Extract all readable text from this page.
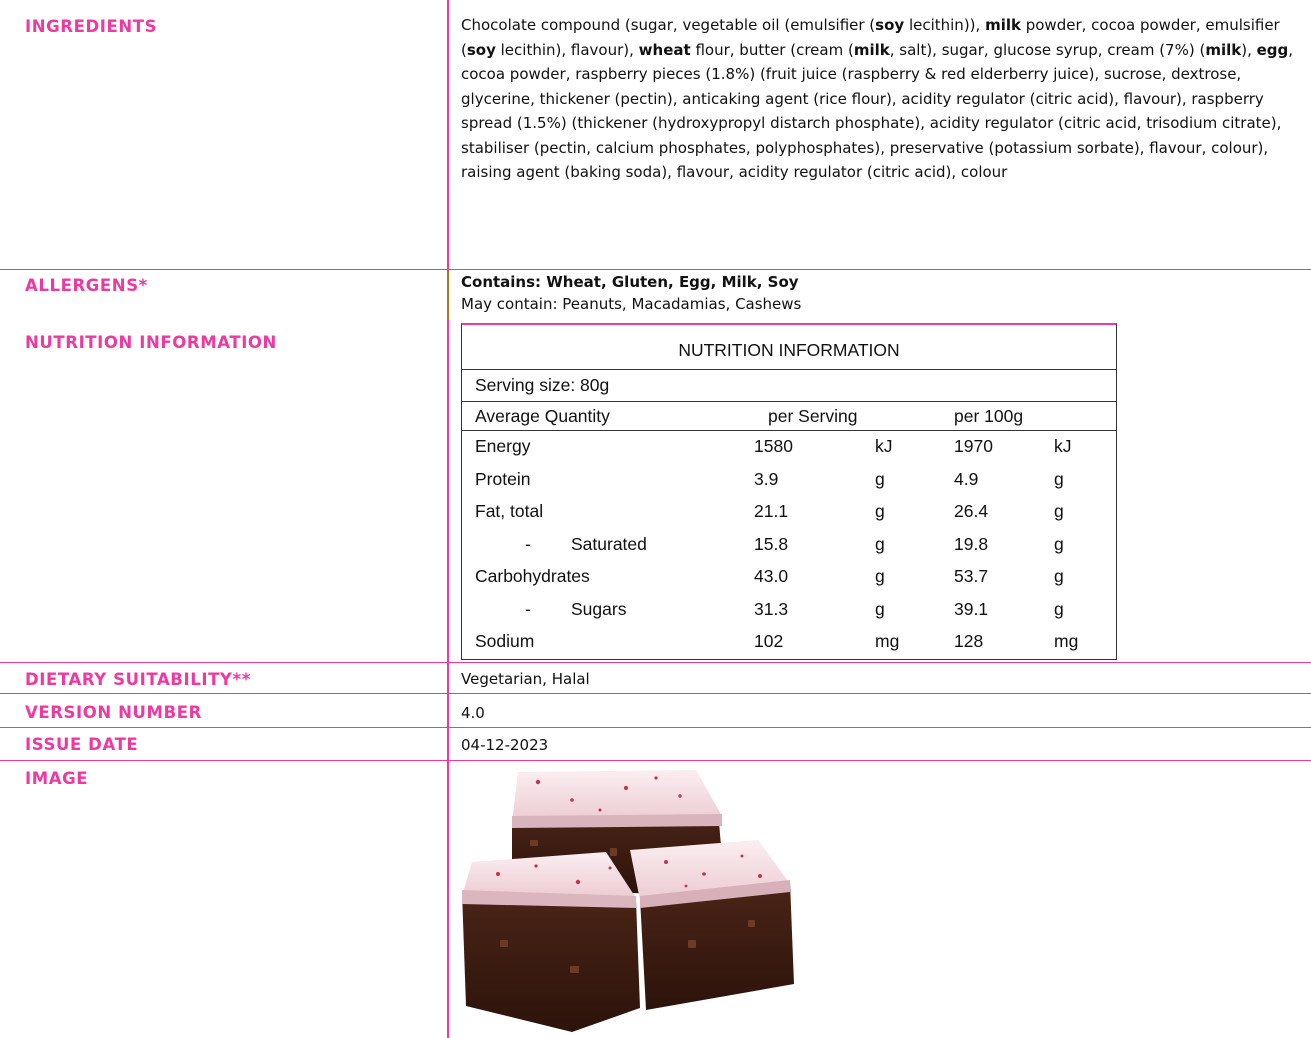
INGREDIENTS	Chocolate compound (sugar, vegetable oil (emulsifier (soy lecithin)), milk powder, cocoa powder, emulsifier (soy lecithin), flavour), wheat flour, butter (cream (milk, salt), sugar, glucose syrup, cream (7%) (milk), egg, cocoa powder, raspberry pieces (1.8%) (fruit juice (raspberry & red elderberry juice), sucrose, dextrose, glycerine, thickener (pectin), anticaking agent (rice flour), acidity regulator (citric acid), flavour), raspberry spread (1.5%) (thickener (hydroxypropyl distarch phosphate), acidity regulator (citric acid, trisodium citrate), stabiliser (pectin, calcium phosphates, polyphosphates), preservative (potassium sorbate), flavour, colour), raising agent (baking soda), flavour, acidity regulator (citric acid), colour
ALLERGENS*	Contains: Wheat, Gluten, Egg, Milk, Soy
May contain: Peanuts, Macadamias, Cashews
NUTRITION INFORMATION	NUTRITION INFORMATION
Serving size: 80g
Average Quantity	per Serving	per 100g
Energy	1580	kJ	1970	kJ
Protein	3.9	g	4.9	g
Fat, total	21.1	g	26.4	g
- Saturated	15.8	g	19.8	g
Carbohydrates	43.0	g	53.7	g
- Sugars	31.3	g	39.1	g
Sodium	102	mg	128	mg
DIETARY SUITABILITY**	Vegetarian, Halal
VERSION NUMBER	4.0
ISSUE DATE	04-12-2023
IMAGE
